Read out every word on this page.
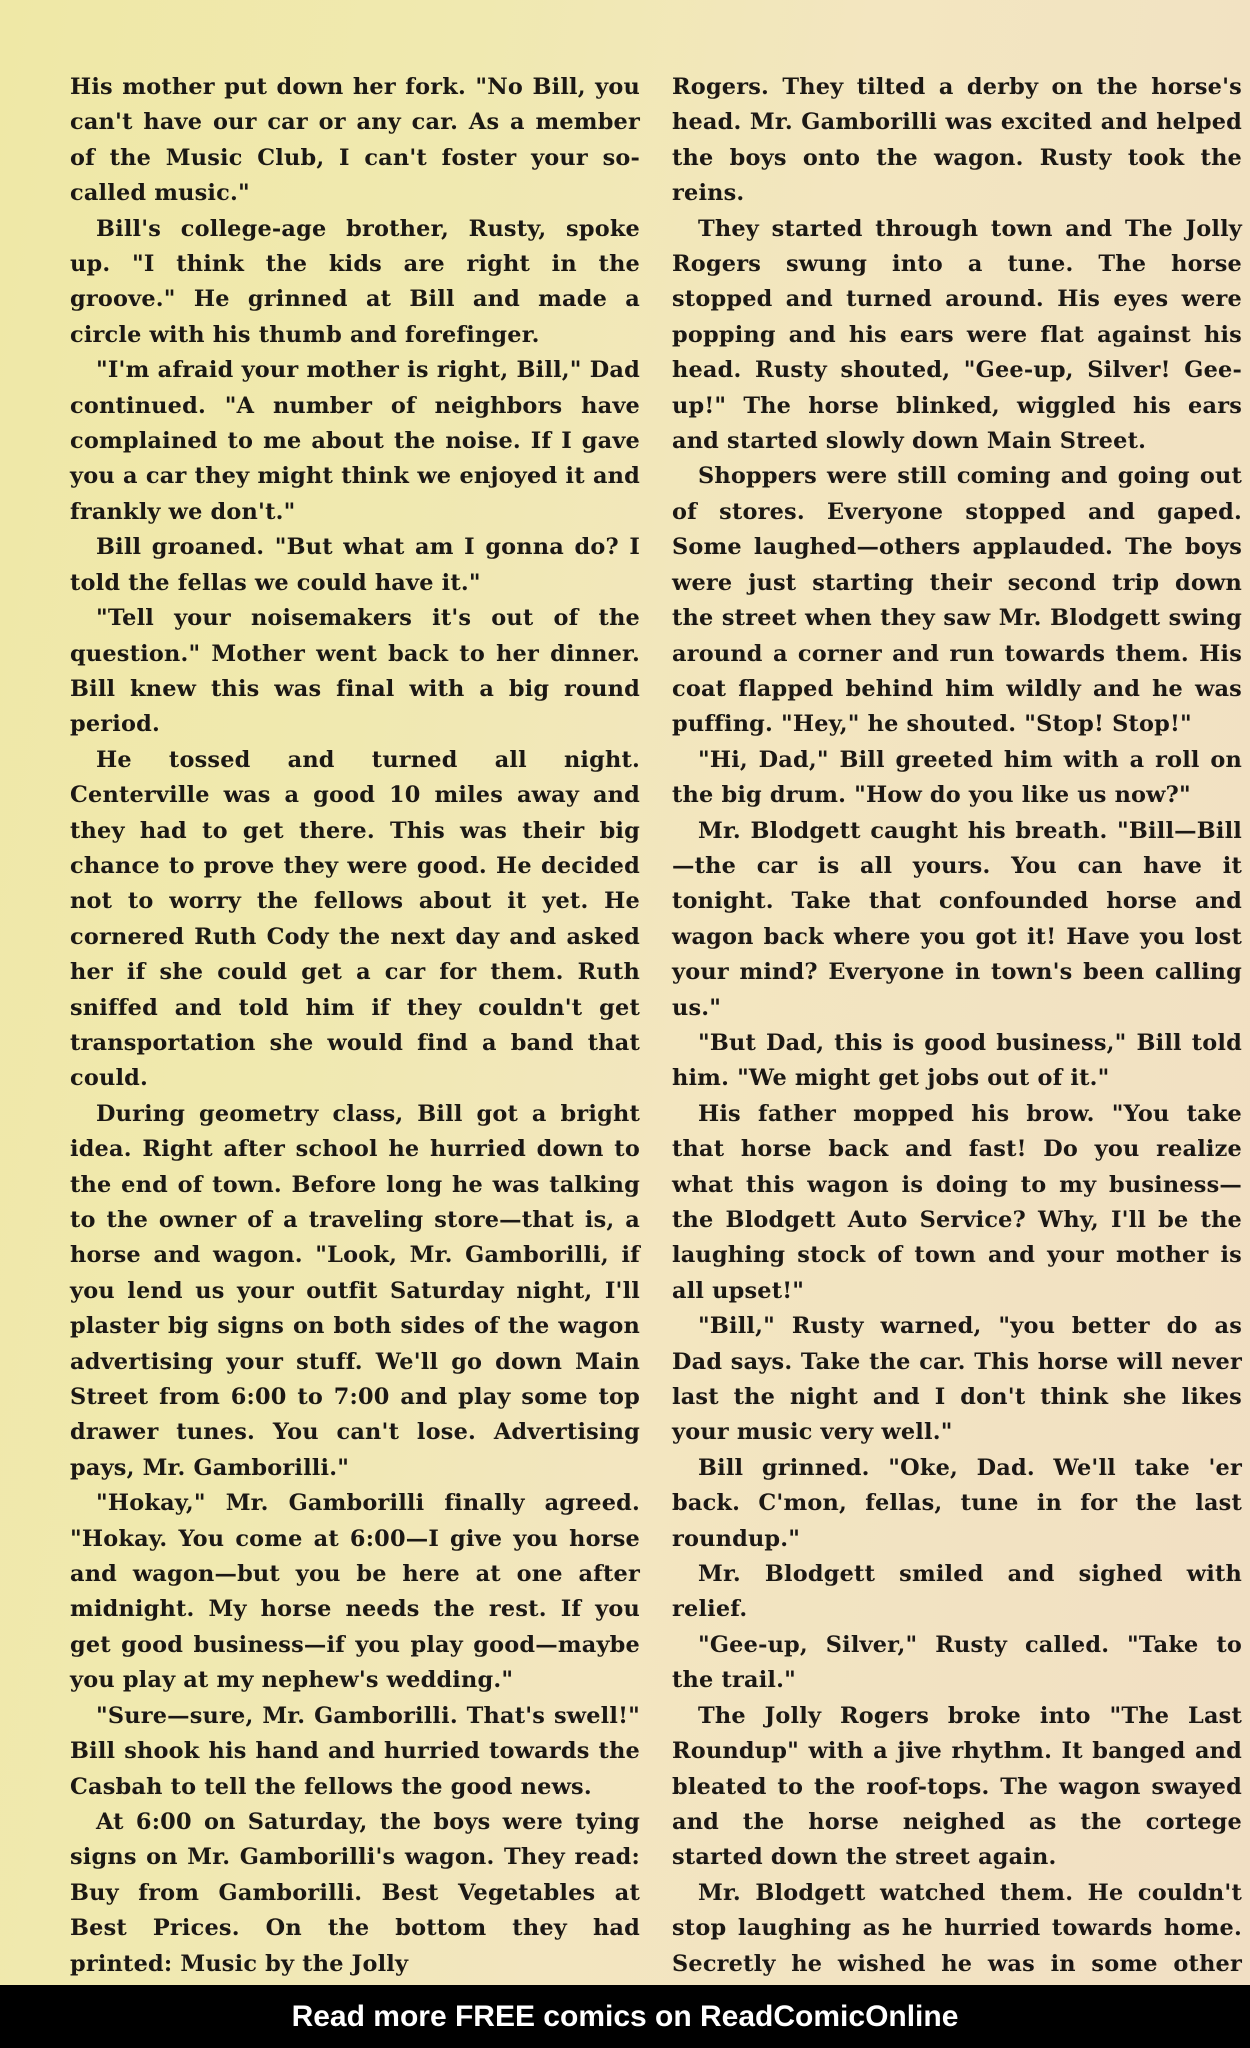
His mother put down her fork. "No Bill, you can't have our car or any car. As a member of the Music Club, I can't foster your so-called music."

Bill's college-age brother, Rusty, spoke up. "I think the kids are right in the groove." He grinned at Bill and made a circle with his thumb and forefinger.

"I'm afraid your mother is right, Bill," Dad continued. "A number of neighbors have complained to me about the noise. If I gave you a car they might think we enjoyed it and frankly we don't."

Bill groaned. "But what am I gonna do? I told the fellas we could have it."

"Tell your noisemakers it's out of the question." Mother went back to her dinner. Bill knew this was final with a big round period.

He tossed and turned all night. Centerville was a good 10 miles away and they had to get there. This was their big chance to prove they were good. He decided not to worry the fellows about it yet. He cornered Ruth Cody the next day and asked her if she could get a car for them. Ruth sniffed and told him if they couldn't get transportation she would find a band that could.

During geometry class, Bill got a bright idea. Right after school he hurried down to the end of town. Before long he was talking to the owner of a traveling store—that is, a horse and wagon. "Look, Mr. Gamborilli, if you lend us your outfit Saturday night, I'll plaster big signs on both sides of the wagon advertising your stuff. We'll go down Main Street from 6:00 to 7:00 and play some top drawer tunes. You can't lose. Advertising pays, Mr. Gamborilli."

"Hokay," Mr. Gamborilli finally agreed. "Hokay. You come at 6:00—I give you horse and wagon—but you be here at one after midnight. My horse needs the rest. If you get good business—if you play good—maybe you play at my nephew's wedding."

"Sure—sure, Mr. Gamborilli. That's swell!" Bill shook his hand and hurried towards the Casbah to tell the fellows the good news.

At 6:00 on Saturday, the boys were tying signs on Mr. Gamborilli's wagon. They read: Buy from Gamborilli. Best Vegetables at Best Prices. On the bottom they had printed: Music by the Jolly

Rogers. They tilted a derby on the horse's head. Mr. Gamborilli was excited and helped the boys onto the wagon. Rusty took the reins.

They started through town and The Jolly Rogers swung into a tune. The horse stopped and turned around. His eyes were popping and his ears were flat against his head. Rusty shouted, "Gee-up, Silver! Gee-up!" The horse blinked, wiggled his ears and started slowly down Main Street.

Shoppers were still coming and going out of stores. Everyone stopped and gaped. Some laughed—others applauded. The boys were just starting their second trip down the street when they saw Mr. Blodgett swing around a corner and run towards them. His coat flapped behind him wildly and he was puffing. "Hey," he shouted. "Stop! Stop!"

"Hi, Dad," Bill greeted him with a roll on the big drum. "How do you like us now?"

Mr. Blodgett caught his breath. "Bill—Bill—the car is all yours. You can have it tonight. Take that confounded horse and wagon back where you got it! Have you lost your mind? Everyone in town's been calling us."

"But Dad, this is good business," Bill told him. "We might get jobs out of it."

His father mopped his brow. "You take that horse back and fast! Do you realize what this wagon is doing to my business—the Blodgett Auto Service? Why, I'll be the laughing stock of town and your mother is all upset!"

"Bill," Rusty warned, "you better do as Dad says. Take the car. This horse will never last the night and I don't think she likes your music very well."

Bill grinned. "Oke, Dad. We'll take 'er back. C'mon, fellas, tune in for the last roundup."

Mr. Blodgett smiled and sighed with relief.

"Gee-up, Silver," Rusty called. "Take to the trail."

The Jolly Rogers broke into "The Last Roundup" with a jive rhythm. It banged and bleated to the roof-tops. The wagon swayed and the horse neighed as the cortege started down the street again.

Mr. Blodgett watched them. He couldn't stop laughing as he hurried towards home. Secretly he wished he was in some other

Read more FREE comics on ReadComicOnline
